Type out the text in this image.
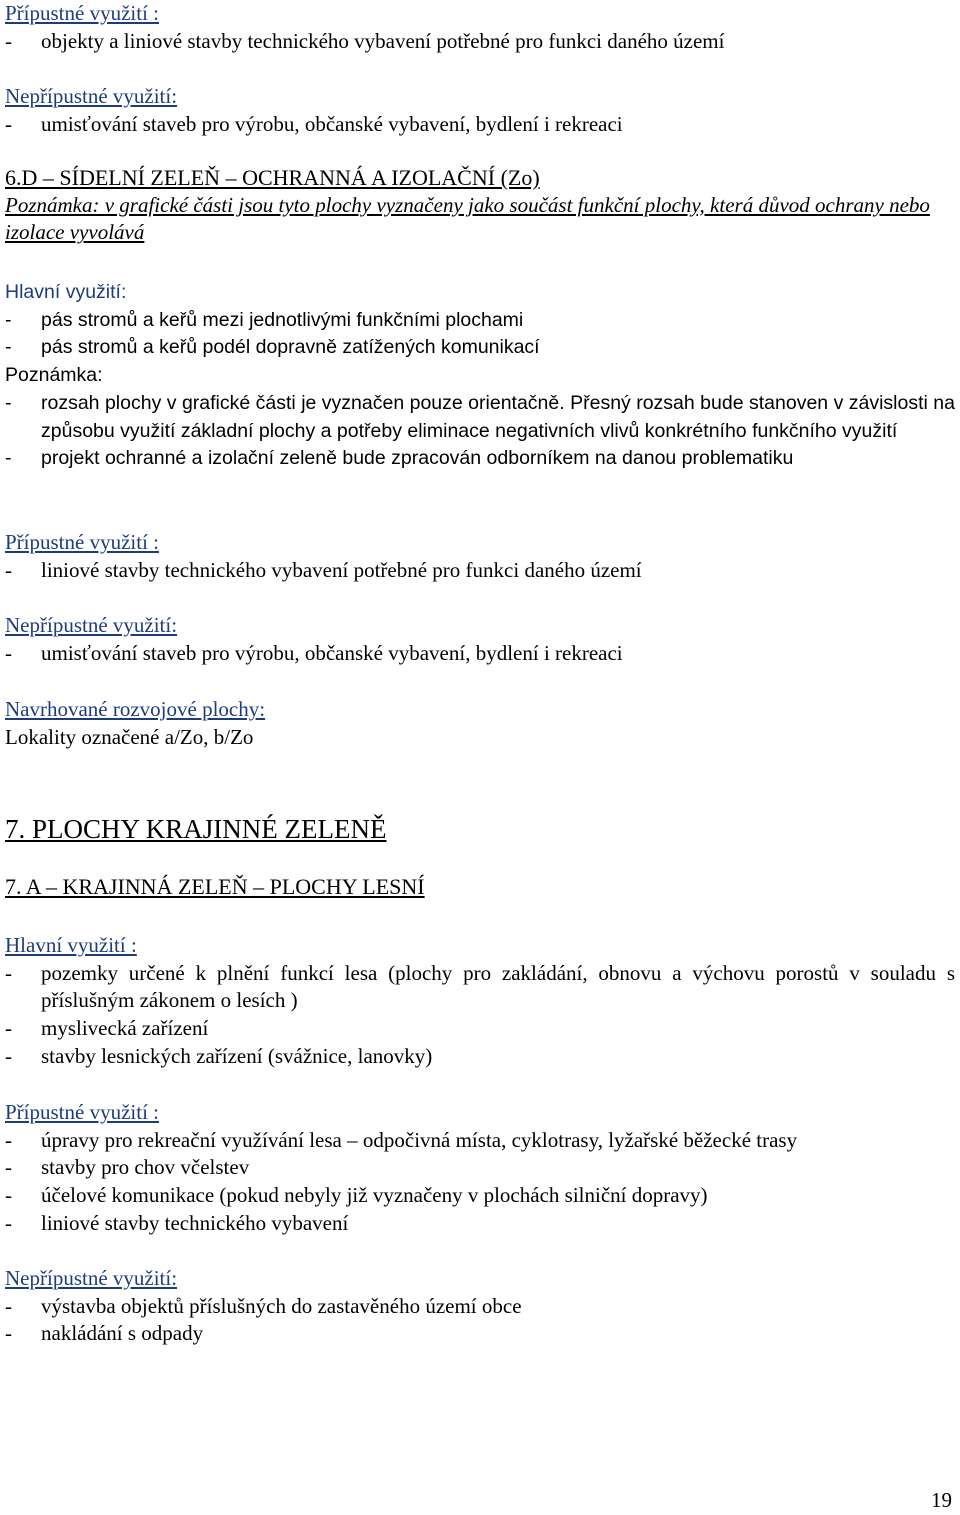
Přípustné využití :
- objekty a liniové stavby technického vybavení potřebné pro funkci daného území
Nepřípustné využití:
- umisťování staveb pro výrobu, občanské vybavení, bydlení i rekreaci
6.D – SÍDELNÍ ZELEŇ – OCHRANNÁ A IZOLAČNÍ (Zo)
Poznámka: v grafické části jsou tyto plochy vyznačeny jako součást funkční plochy, která důvod ochrany nebo izolace vyvolává
Hlavní využití:
- pás stromů a keřů mezi jednotlivými funkčními plochami
- pás stromů a keřů podél dopravně zatížených komunikací
Poznámka:
- rozsah plochy v grafické části je vyznačen pouze orientačně. Přesný rozsah bude stanoven v závislosti na způsobu využití základní plochy a potřeby eliminace negativních vlivů konkrétního funkčního využití
- projekt ochranné a izolační zeleně bude zpracován odborníkem na danou problematiku
Přípustné využití :
- liniové stavby technického vybavení potřebné pro funkci daného území
Nepřípustné využití:
- umisťování staveb pro výrobu, občanské vybavení, bydlení i rekreaci
Navrhované rozvojové plochy:
Lokality označené a/Zo, b/Zo
7. PLOCHY KRAJINNÉ ZELENĚ
7. A – KRAJINNÁ ZELEŇ – PLOCHY LESNÍ
Hlavní využití :
- pozemky určené k plnění funkcí lesa (plochy pro zakládání, obnovu a výchovu porostů v souladu s příslušným zákonem o lesích )
- myslivecká zařízení
- stavby lesnických zařízení (svážnice, lanovky)
Přípustné využití :
- úpravy pro rekreační využívání lesa – odpočivná místa, cyklotrasy, lyžařské běžecké trasy
- stavby pro chov včelstev
- účelové komunikace (pokud nebyly již vyznačeny v plochách silniční dopravy)
- liniové stavby technického vybavení
Nepřípustné využití:
- výstavba objektů příslušných do zastavěného území obce
- nakládání s odpady
19
